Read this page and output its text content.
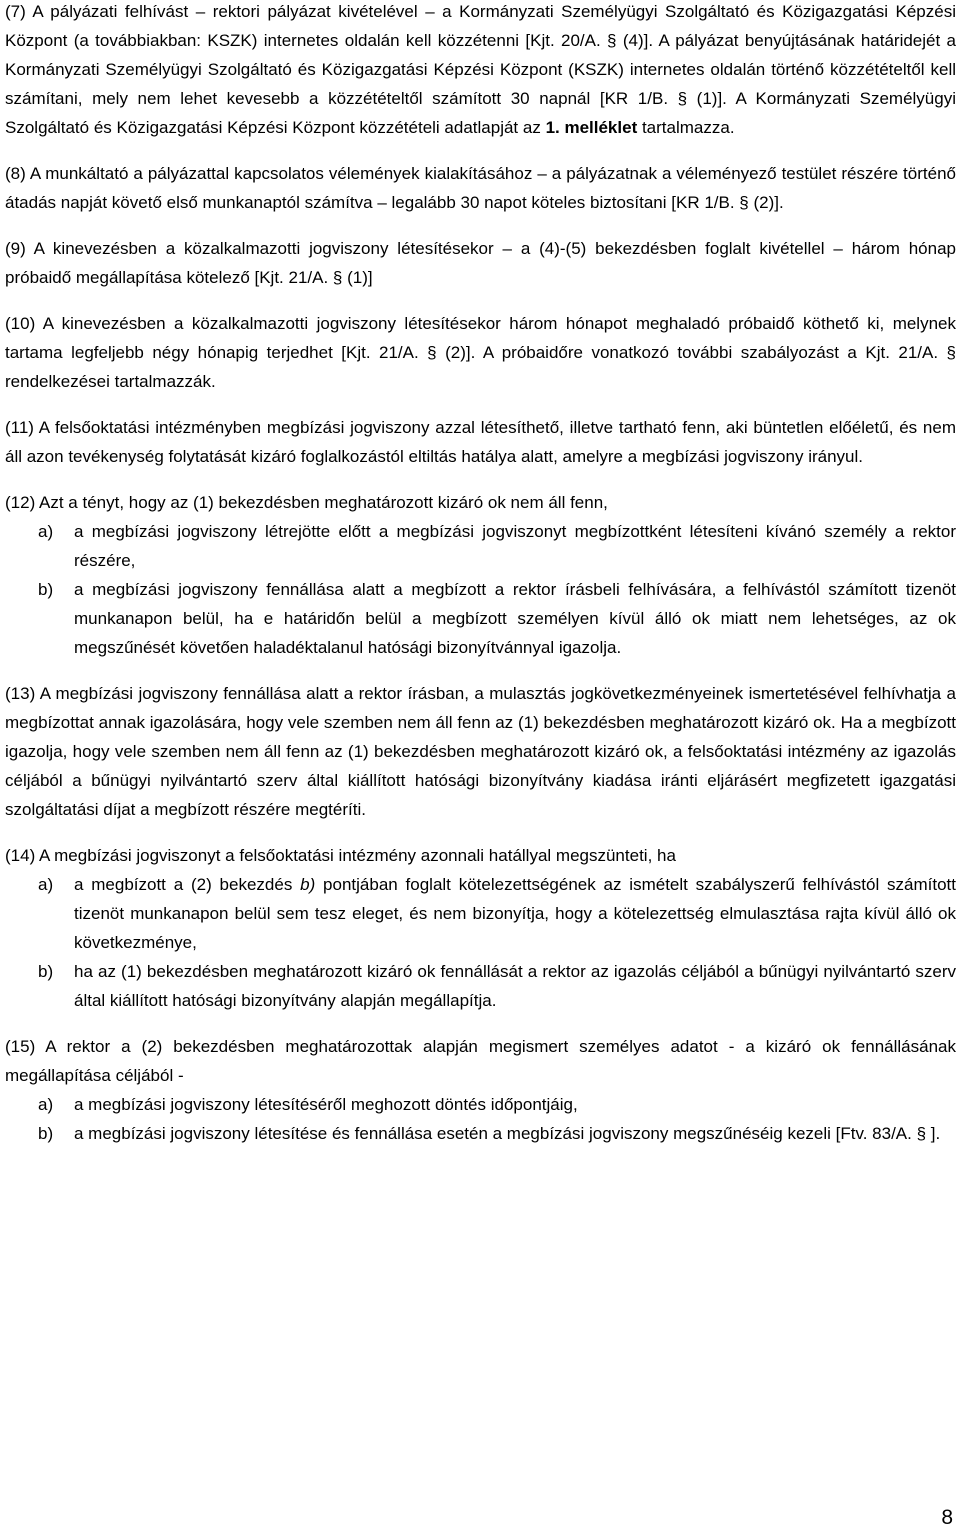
(7) A pályázati felhívást – rektori pályázat kivételével – a Kormányzati Személyügyi Szolgáltató és Közigazgatási Képzési Központ (a továbbiakban: KSZK) internetes oldalán kell közzétenni [Kjt. 20/A. § (4)]. A pályázat benyújtásának határidejét a Kormányzati Személyügyi Szolgáltató és Közigazgatási Képzési Központ (KSZK) internetes oldalán történő közzétételtől kell számítani, mely nem lehet kevesebb a közzétételtől számított 30 napnál [KR 1/B. § (1)]. A Kormányzati Személyügyi Szolgáltató és Közigazgatási Képzési Központ közzétételi adatlapját az 1. melléklet tartalmazza.

(8) A munkáltató a pályázattal kapcsolatos vélemények kialakításához – a pályázatnak a véleményező testület részére történő átadás napját követő első munkanaptól számítva – legalább 30 napot köteles biztosítani [KR 1/B. § (2)].

(9) A kinevezésben a közalkalmazotti jogviszony létesítésekor – a (4)-(5) bekezdésben foglalt kivétellel – három hónap próbaidő megállapítása kötelező [Kjt. 21/A. § (1)]

(10) A kinevezésben a közalkalmazotti jogviszony létesítésekor három hónapot meghaladó próbaidő köthető ki, melynek tartama legfeljebb négy hónapig terjedhet [Kjt. 21/A. § (2)]. A próbaidőre vonatkozó további szabályozást a Kjt. 21/A. § rendelkezései tartalmazzák.

(11) A felsőoktatási intézményben megbízási jogviszony azzal létesíthető, illetve tartható fenn, aki büntetlen előéletű, és nem áll azon tevékenység folytatását kizáró foglalkozástól eltiltás hatálya alatt, amelyre a megbízási jogviszony irányul.

(12) Azt a tényt, hogy az (1) bekezdésben meghatározott kizáró ok nem áll fenn,
a)	a megbízási jogviszony létrejötte előtt a megbízási jogviszonyt megbízottként létesíteni kívánó személy a rektor részére,
b)	a megbízási jogviszony fennállása alatt a megbízott a rektor írásbeli felhívására, a felhívástól számított tizenöt munkanapon belül, ha e határidőn belül a megbízott személyen kívül álló ok miatt nem lehetséges, az ok megszűnését követően haladéktalanul hatósági bizonyítvánnyal igazolja.

(13) A megbízási jogviszony fennállása alatt a rektor írásban, a mulasztás jogkövetkezményeinek ismertetésével felhívhatja a megbízottat annak igazolására, hogy vele szemben nem áll fenn az (1) bekezdésben meghatározott kizáró ok. Ha a megbízott igazolja, hogy vele szemben nem áll fenn az (1) bekezdésben meghatározott kizáró ok, a felsőoktatási intézmény az igazolás céljából a bűnügyi nyilvántartó szerv által kiállított hatósági bizonyítvány kiadása iránti eljárásért megfizetett igazgatási szolgáltatási díjat a megbízott részére megtéríti.

(14) A megbízási jogviszonyt a felsőoktatási intézmény azonnali hatállyal megszünteti, ha
a)	a megbízott a (2) bekezdés b) pontjában foglalt kötelezettségének az ismételt szabályszerű felhívástól számított tizenöt munkanapon belül sem tesz eleget, és nem bizonyítja, hogy a kötelezettség elmulasztása rajta kívül álló ok következménye,
b)	ha az (1) bekezdésben meghatározott kizáró ok fennállását a rektor az igazolás céljából a bűnügyi nyilvántartó szerv által kiállított hatósági bizonyítvány alapján megállapítja.
(15) A rektor a (2) bekezdésben meghatározottak alapján megismert személyes adatot - a kizáró ok fennállásának megállapítása céljából -
a)	a megbízási jogviszony létesítéséről meghozott döntés időpontjáig,
b)	a megbízási jogviszony létesítése és fennállása esetén a megbízási jogviszony megszűnéséig kezeli [Ftv. 83/A. § ].
8
